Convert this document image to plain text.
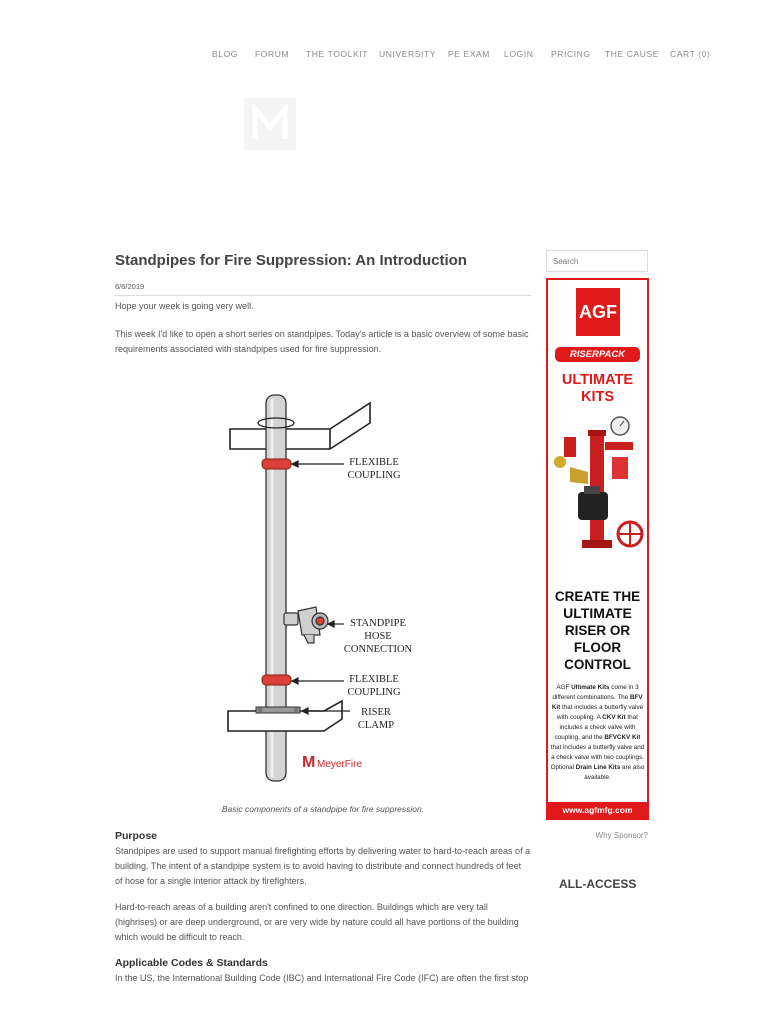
BLOG FORUM THE TOOLKIT UNIVERSITY PE EXAM LOGIN PRICING THE CAUSE CART (0)
Standpipes for Fire Suppression: An Introduction
6/6/2019

Hope your week is going very well.

This week I'd like to open a short series on standpipes. Today's article is a basic overview of some basic requirements associated with standpipes used for fire suppression.

FLEXIBLE
COUPLING
STANDPIPE
HOSE
CONNECTION
FLEXIBLE
COUPLING
RISER
CLAMP
M MeyerFire
Basic components of a standpipe for fire suppression.
Purpose

Standpipes are used to support manual firefighting efforts by delivering water to hard-to-reach areas of a building. The intent of a standpipe system is to avoid having to distribute and connect hundreds of feet of hose for a single interior attack by firefighters.

Hard-to-reach areas of a building aren't confined to one direction. Buildings which are very tall (highrises) or are deep underground, or are very wide by nature could all have portions of the building which would be difficult to reach.

Applicable Codes & Standards

In the US, the International Building Code (IBC) and International Fire Code (IFC) are often the first stop

Search
AGF
RISERPACK
ULTIMATE
KITS
CREATE THE
ULTIMATE
RISER OR
FLOOR
CONTROL
AGF Ultimate Kits come in 3 different combinations. The BFV Kit that includes a butterfly valve with coupling. A CKV Kit that includes a check valve with coupling, and the BFVCKV Kit that includes a butterfly valve and a check valve with two couplings. Optional Drain Line Kits are also available.
www.agfmfg.com
Why Sponsor?
ALL-ACCESS
